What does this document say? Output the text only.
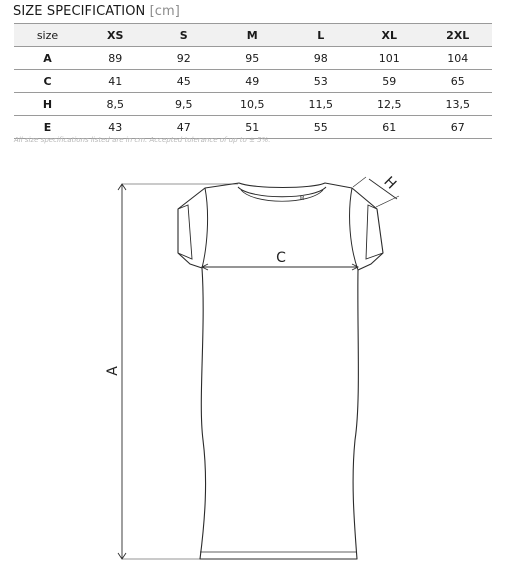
SIZE SPECIFICATION [cm]
size	XS	S	M	L	XL	2XL
A	89	92	95	98	101	104
C	41	45	49	53	59	65
H	8,5	9,5	10,5	11,5	12,5	13,5
E	43	47	51	55	61	67

All size specifications listed are in cm. Accepted tolerance of up to ± 5%.

M
A
C
H
